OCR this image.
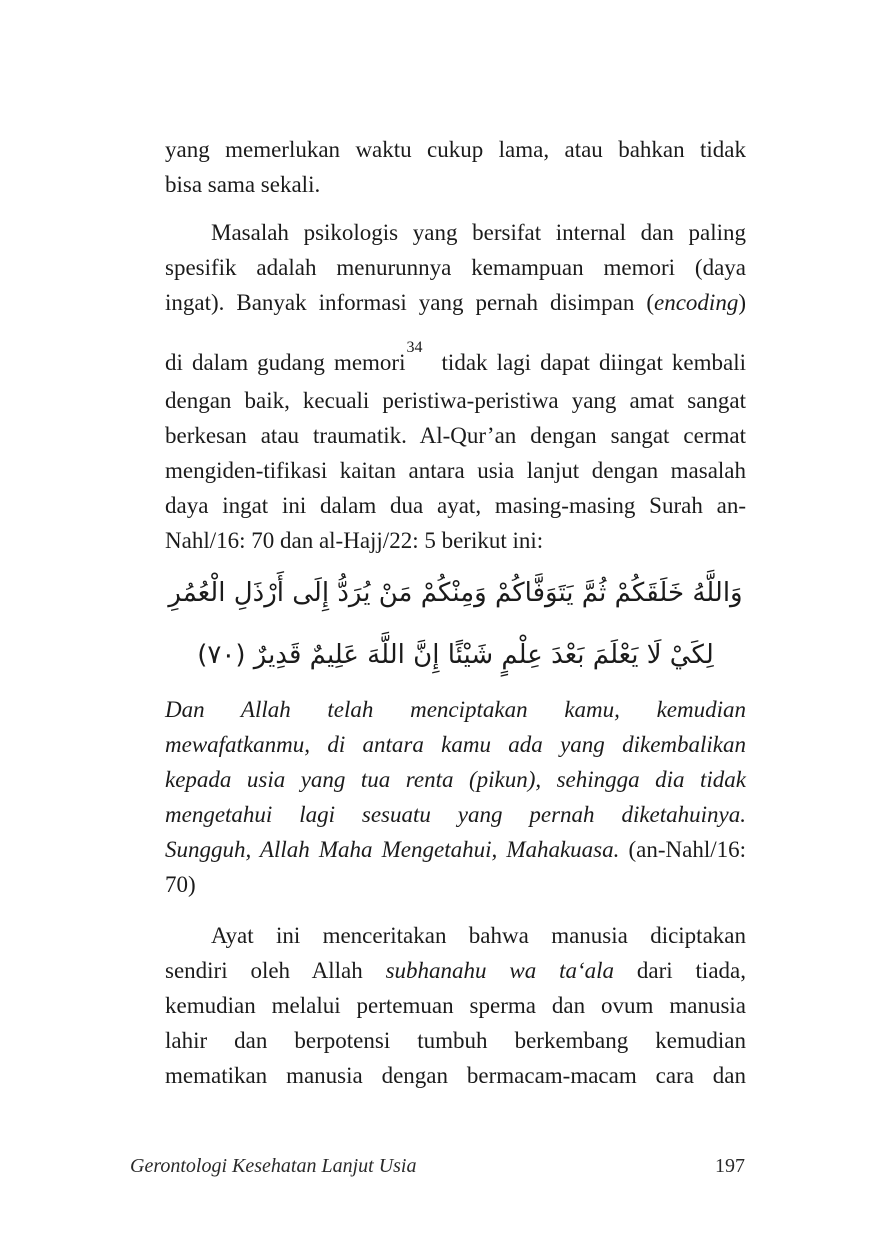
yang memerlukan waktu cukup lama, atau bahkan tidak
bisa sama sekali.
Masalah psikologis yang bersifat internal dan paling
spesifik adalah menurunnya kemampuan memori (daya
ingat). Banyak informasi yang pernah disimpan (encoding)
di dalam gudang memori$^{34}$ tidak lagi dapat diingat kembali
dengan baik, kecuali peristiwa-peristiwa yang amat sangat
berkesan atau traumatik. Al-Qur’an dengan sangat cermat
mengiden-tifikasi kaitan antara usia lanjut dengan masalah
daya ingat ini dalam dua ayat, masing-masing Surah an-
Nahl/16: 70 dan al-Hajj/22: 5 berikut ini:
وَاللَّهُ خَلَقَكُمْ ثُمَّ يَتَوَفَّاكُمْ وَمِنْكُمْ مَنْ يُرَدُّ إِلَى أَرْذَلِ الْعُمُرِ
لِكَيْ لَا يَعْلَمَ بَعْدَ عِلْمٍ شَيْئًا إِنَّ اللَّهَ عَلِيمٌ قَدِيرٌ (٧٠)
Dan Allah telah menciptakan kamu, kemudian
mewafatkanmu, di antara kamu ada yang dikembalikan
kepada usia yang tua renta (pikun), sehingga dia tidak
mengetahui lagi sesuatu yang pernah diketahuinya.
Sungguh, Allah Maha Mengetahui, Mahakuasa. (an-Nahl/16:
70)
Ayat ini menceritakan bahwa manusia diciptakan
sendiri oleh Allah subhanahu wa ta‘ala dari tiada,
kemudian melalui pertemuan sperma dan ovum manusia
lahir dan berpotensi tumbuh berkembang kemudian
mematikan manusia dengan bermacam-macam cara dan
Gerontologi Kesehatan Lanjut Usia	197
